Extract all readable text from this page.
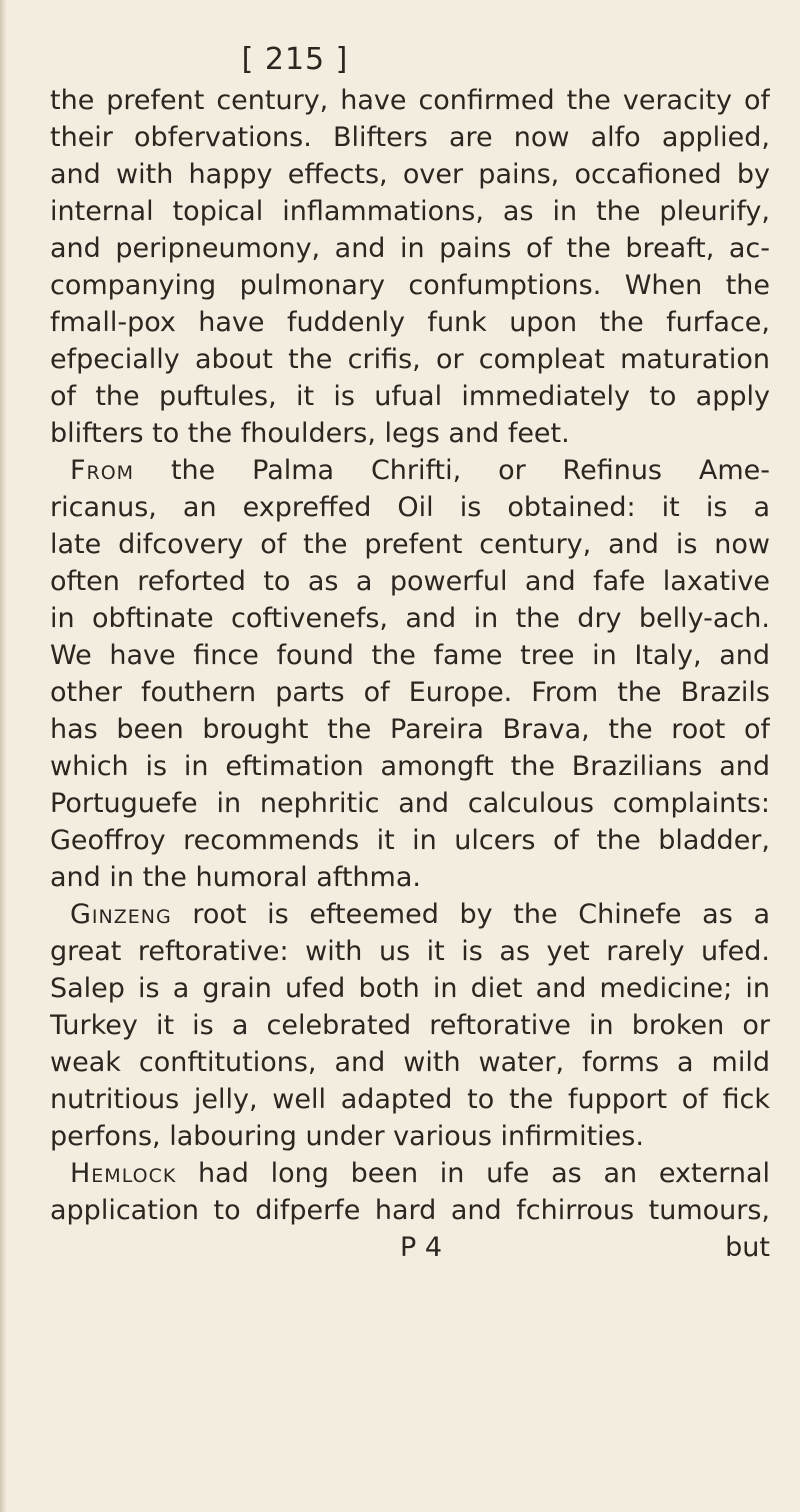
[ 215 ]
the prefent century, have confirmed the veracity of
their obfervations. Blifters are now alfo applied,
and with happy effects, over pains, occafioned by
internal topical inflammations, as in the pleurify,
and peripneumony, and in pains of the breaft, ac-
companying pulmonary confumptions. When the
fmall-pox have fuddenly funk upon the furface,
efpecially about the crifis, or compleat maturation
of the puftules, it is ufual immediately to apply
blifters to the fhoulders, legs and feet.
From the Palma Chrifti, or Refinus Ame-
ricanus, an expreffed Oil is obtained: it is a
late difcovery of the prefent century, and is now
often reforted to as a powerful and fafe laxative
in obftinate coftivenefs, and in the dry belly-ach.
We have fince found the fame tree in Italy, and
other fouthern parts of Europe. From the Brazils
has been brought the Pareira Brava, the root of
which is in eftimation amongft the Brazilians and
Portuguefe in nephritic and calculous complaints:
Geoffroy recommends it in ulcers of the bladder,
and in the humoral afthma.
Ginzeng root is efteemed by the Chinefe as a
great reftorative: with us it is as yet rarely ufed.
Salep is a grain ufed both in diet and medicine; in
Turkey it is a celebrated reftorative in broken or
weak conftitutions, and with water, forms a mild
nutritious jelly, well adapted to the fupport of fick
perfons, labouring under various infirmities.
Hemlock had long been in ufe as an external
application to difperfe hard and fchirrous tumours,
P 4	but
